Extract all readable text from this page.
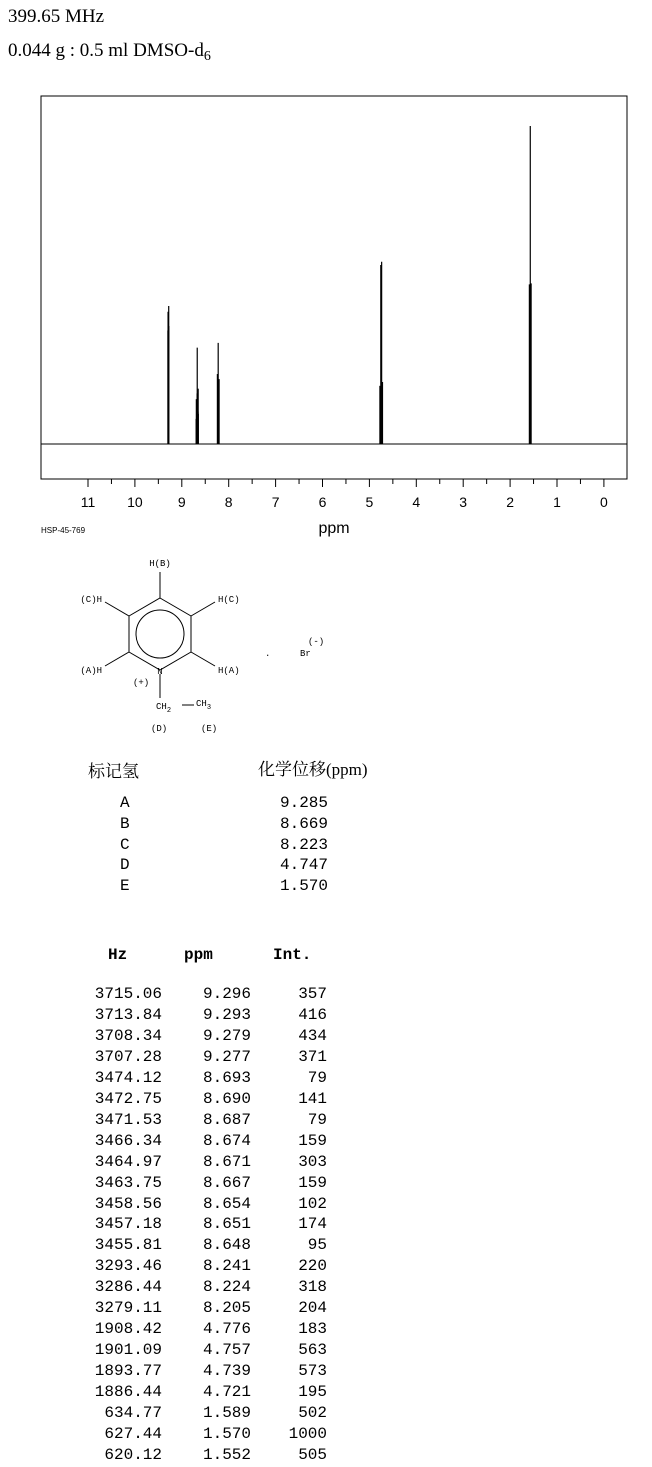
399.65 MHz
0.044 g : 0.5 ml DMSO-$d_6$
11 10	9	8	7	6	5	4	3	2	1	0
ppm
HSP-45-769
H(B)
(C)H	H(C)
(A)H	H(A)
N
(+)
$CH_2$
$CH_3$
(D)	(E)
.	Br
(-)
标记氢	化学位移(ppm)
A	9.285
B	8.669
C	8.223
D	4.747
E	1.570
Hz	ppm	Int.
3715.06	9.296	357
3713.84	9.293	416
3708.34	9.279	434
3707.28	9.277	371
3474.12	8.693	79
3472.75	8.690	141
3471.53	8.687	79
3466.34	8.674	159
3464.97	8.671	303
3463.75	8.667	159
3458.56	8.654	102
3457.18	8.651	174
3455.81	8.648	95
3293.46	8.241	220
3286.44	8.224	318
3279.11	8.205	204
1908.42	4.776	183
1901.09	4.757	563
1893.77	4.739	573
1886.44	4.721	195
634.77	1.589	502
627.44	1.570 1000
620.12	1.552	505
